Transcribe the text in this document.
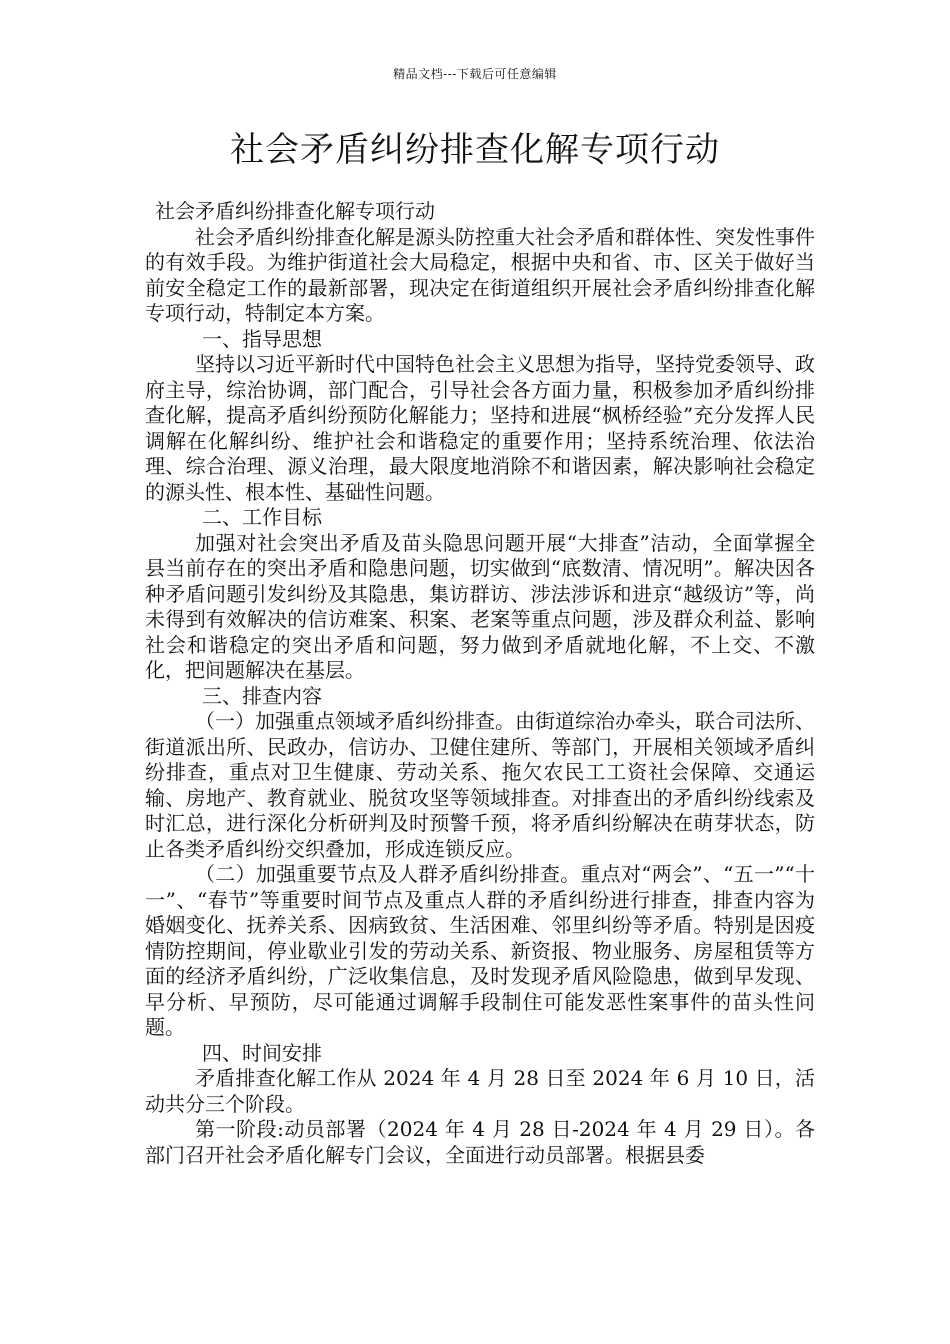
精品文档---下载后可任意编辑
社会矛盾纠纷排查化解专项行动

社会矛盾纠纷排查化解专项行动

社会矛盾纠纷排查化解是源头防控重大社会矛盾和群体性、突发性事件的有效手段。为维护街道社会大局稳定，根据中央和省、市、区关于做好当前安全稳定工作的最新部署，现决定在街道组织开展社会矛盾纠纷排查化解专项行动，特制定本方案。

一、指导思想

坚持以习近平新时代中国特色社会主义思想为指导，坚持党委领导、政府主导，综治协调，部门配合，引导社会各方面力量，积极参加矛盾纠纷排查化解，提高矛盾纠纷预防化解能力；坚持和进展“枫桥经验”充分发挥人民调解在化解纠纷、维护社会和谐稳定的重要作用；坚持系统治理、依法治理、综合治理、源义治理，最大限度地消除不和谐因素，解决影响社会稳定的源头性、根本性、基础性问题。

二、工作目标

加强对社会突出矛盾及苗头隐思问题开展“大排查”洁动，全面掌握全县当前存在的突出矛盾和隐患问题，切实做到“底数清、情况明”。解决因各种矛盾问题引发纠纷及其隐患，集访群访、涉法涉诉和进京“越级访”等，尚未得到有效解决的信访难案、积案、老案等重点问题，涉及群众利益、影响社会和谐稳定的突出矛盾和问题，努力做到矛盾就地化解，不上交、不激化，把间题解决在基层。

三、排查内容

（一）加强重点领域矛盾纠纷排查。由街道综治办牵头，联合司法所、街道派出所、民政办，信访办、卫健住建所、等部门，开展相关领域矛盾纠纷排查，重点对卫生健康、劳动关系、拖欠农民工工资社会保障、交通运输、房地产、教育就业、脱贫攻坚等领域排查。对排查出的矛盾纠纷线索及时汇总，进行深化分析研判及时预警千预，将矛盾纠纷解决在萌芽状态，防止各类矛盾纠纷交织叠加，形成连锁反应。

（二）加强重要节点及人群矛盾纠纷排查。重点对“两会”、“五一”“十一”、“春节”等重要时间节点及重点人群的矛盾纠纷进行排查，排查内容为婚姻变化、抚养关系、因病致贫、生活困难、邻里纠纷等矛盾。特别是因疫情防控期间，停业歇业引发的劳动关系、新资报、物业服务、房屋租赁等方面的经济矛盾纠纷，广泛收集信息，及时发现矛盾风险隐患，做到早发现、早分析、早预防，尽可能通过调解手段制住可能发恶性案事件的苗头性问题。

四、时间安排

矛盾排查化解工作从 2024 年 4 月 28 日至 2024 年 6 月 10 日，活动共分三个阶段。

第一阶段:动员部署（2024 年 4 月 28 日-2024 年 4 月 29 日）。各部门召开社会矛盾化解专门会议，全面进行动员部署。根据县委
